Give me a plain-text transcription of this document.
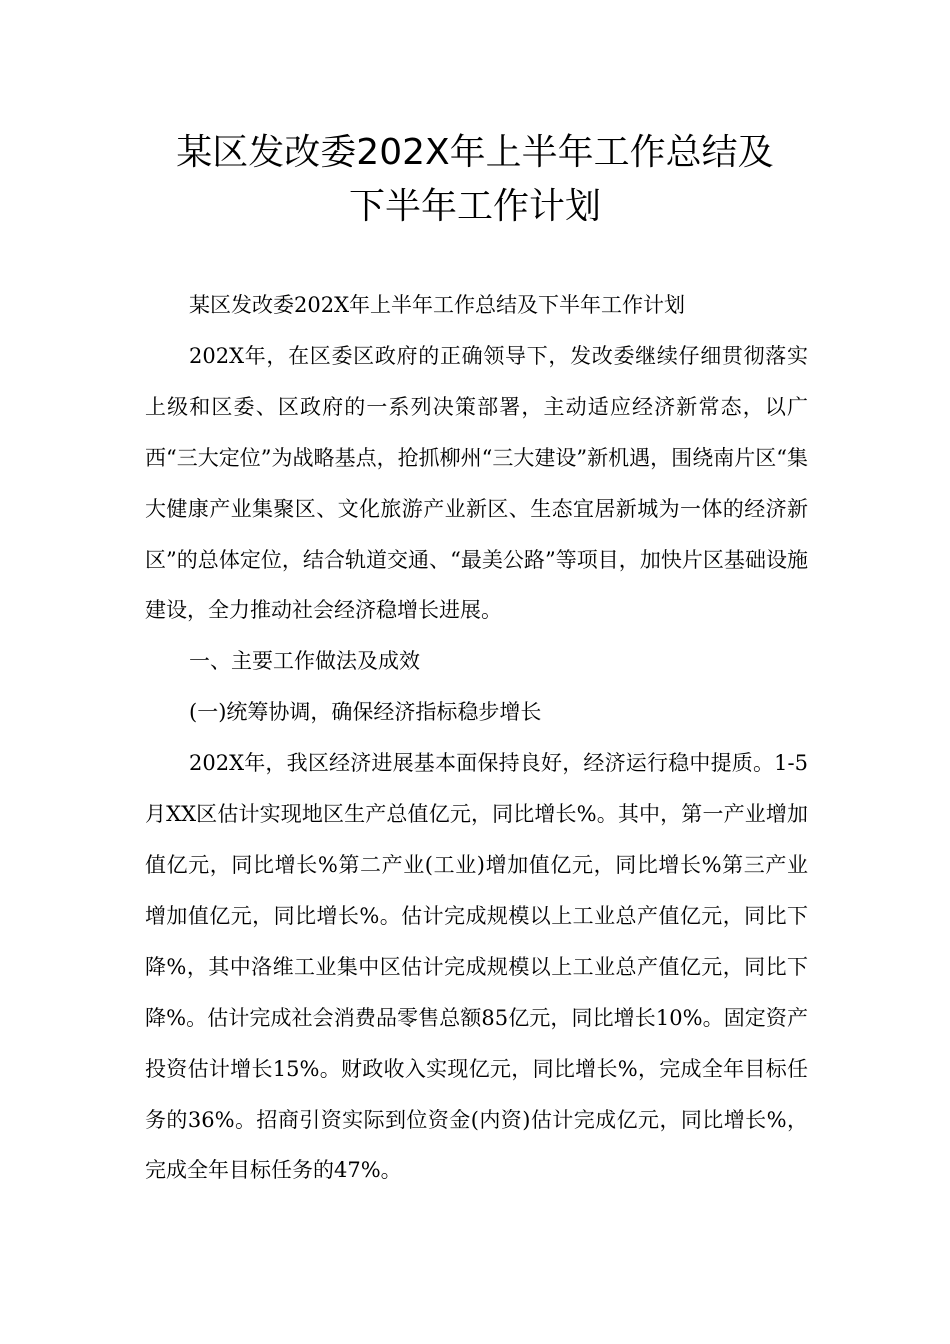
某区发改委202X年上半年工作总结及
下半年工作计划

某区发改委202X年上半年工作总结及下半年工作计划

202X年，在区委区政府的正确领导下，发改委继续仔细贯彻落实上级和区委、区政府的一系列决策部署，主动适应经济新常态，以广西“三大定位”为战略基点，抢抓柳州“三大建设”新机遇，围绕南片区“集大健康产业集聚区、文化旅游产业新区、生态宜居新城为一体的经济新区”的总体定位，结合轨道交通、“最美公路”等项目，加快片区基础设施建设，全力推动社会经济稳增长进展。

一、主要工作做法及成效

(一)统筹协调，确保经济指标稳步增长

202X年，我区经济进展基本面保持良好，经济运行稳中提质。1-5月XX区估计实现地区生产总值亿元，同比增长%。其中，第一产业增加值亿元，同比增长%第二产业(工业)增加值亿元，同比增长%第三产业增加值亿元，同比增长%。估计完成规模以上工业总产值亿元，同比下降%，其中洛维工业集中区估计完成规模以上工业总产值亿元，同比下降%。估计完成社会消费品零售总额85亿元，同比增长10%。固定资产投资估计增长15%。财政收入实现亿元，同比增长%，完成全年目标任务的36%。招商引资实际到位资金(内资)估计完成亿元，同比增长%，完成全年目标任务的47%。
